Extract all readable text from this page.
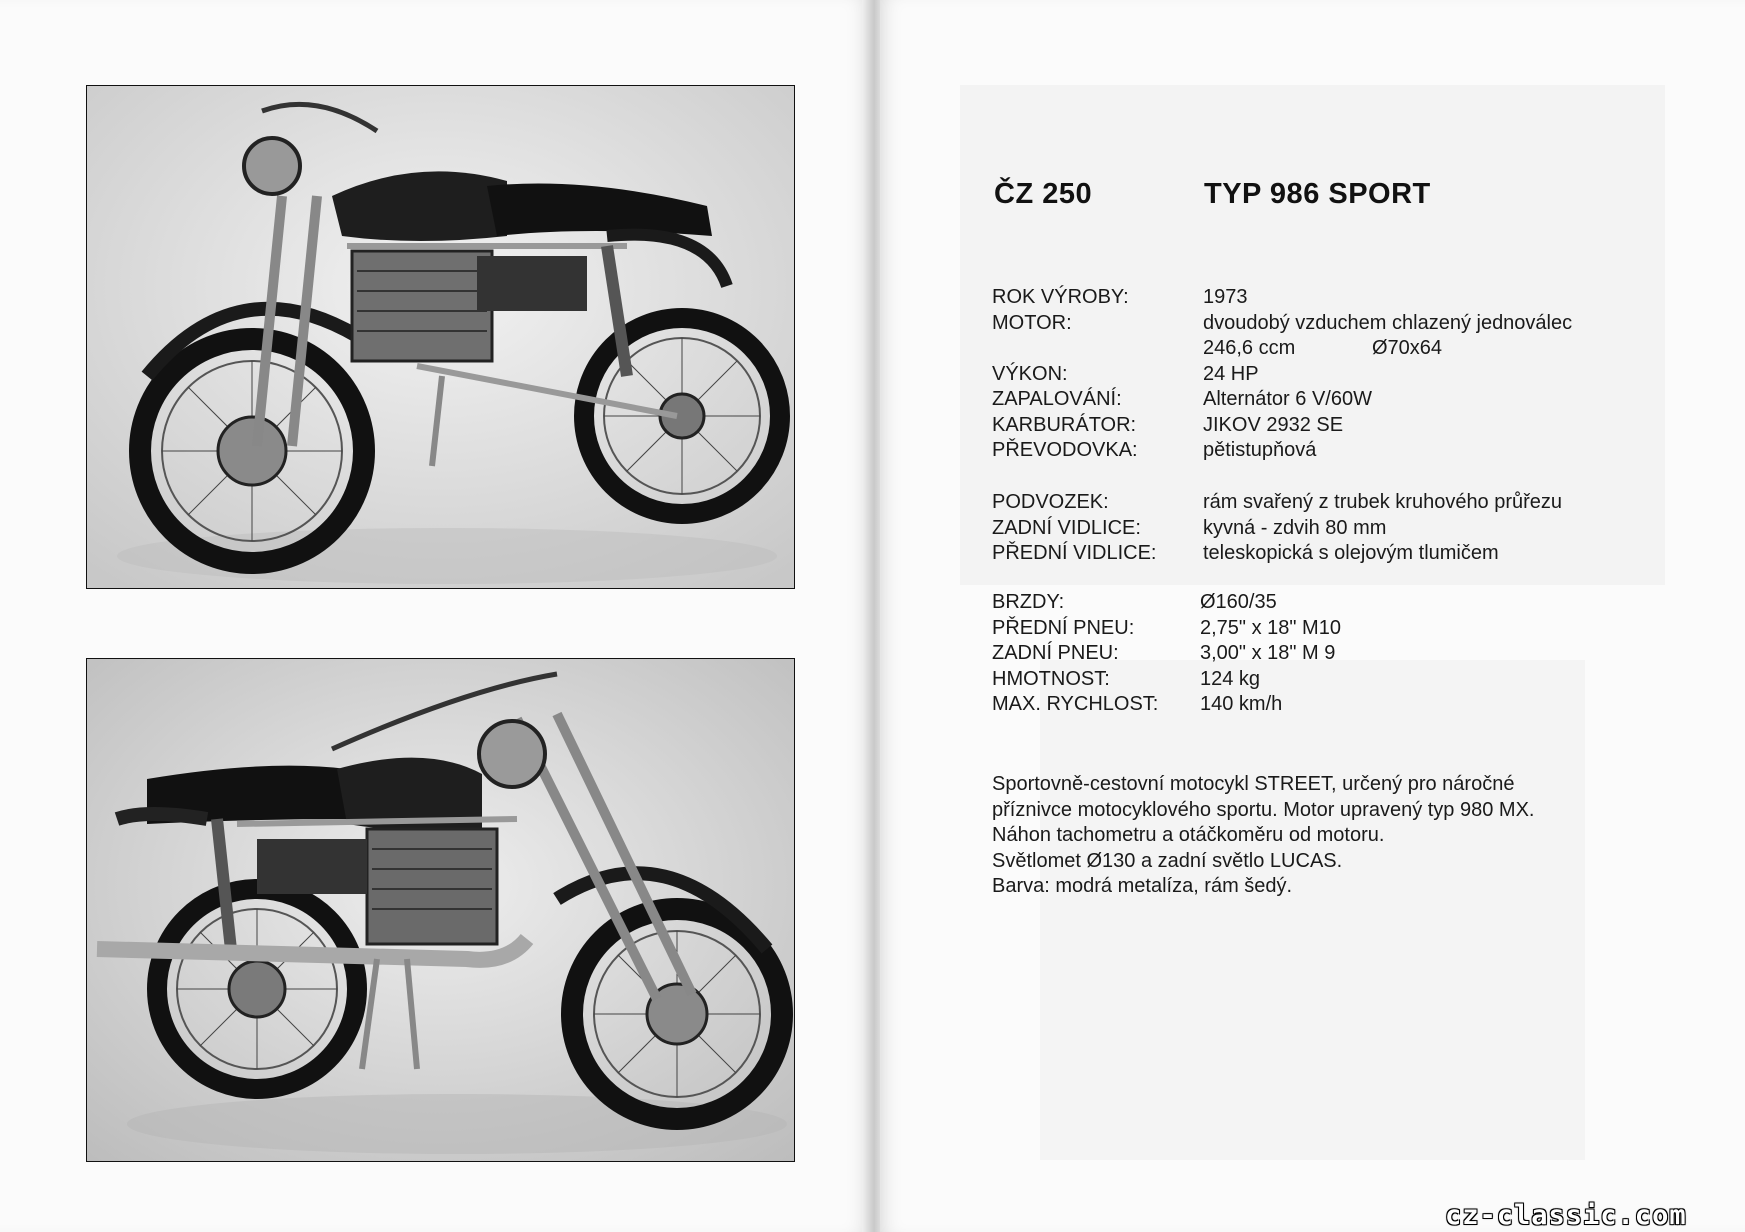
ČZ 250	TYP 986 SPORT
ROK VÝROBY:	1973
MOTOR:	dvoudobý vzduchem chlazený jednoválec
246,6 ccm	Ø70x64
VÝKON:	24 HP
ZAPALOVÁNÍ:	Alternátor 6 V/60W
KARBURÁTOR:	JIKOV 2932 SE
PŘEVODOVKA:	pětistupňová
PODVOZEK:	rám svařený z trubek kruhového průřezu
ZADNÍ VIDLICE:	kyvná - zdvih 80 mm
PŘEDNÍ VIDLICE: teleskopická s olejovým tlumičem
BRZDY:	Ø160/35
PŘEDNÍ PNEU:	2,75" x 18" M10
ZADNÍ PNEU:	3,00" x 18" M 9
HMOTNOST:	124 kg
MAX. RYCHLOST: 140 km/h
Sportovně-cestovní motocykl STREET, určený pro náročné
příznivce motocyklového sportu. Motor upravený typ 980 MX.
Náhon tachometru a otáčkoměru od motoru.
Světlomet Ø130 a zadní světlo LUCAS.
Barva: modrá metalíza, rám šedý.
cz-classic.com
